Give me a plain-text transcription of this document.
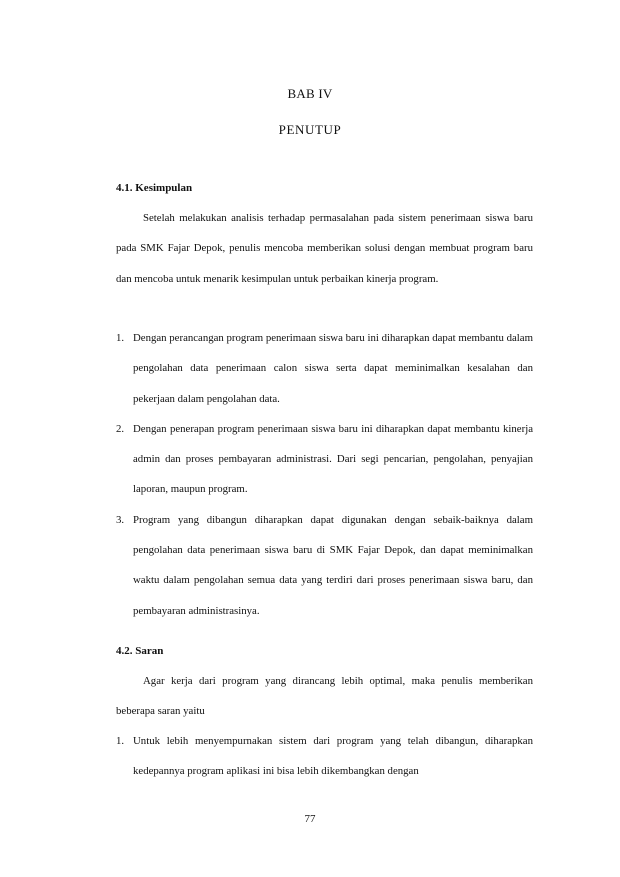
BAB IV
PENUTUP
4.1. Kesimpulan

Setelah melakukan analisis terhadap permasalahan pada sistem penerimaan siswa baru pada SMK Fajar Depok, penulis mencoba memberikan solusi dengan membuat program baru dan mencoba untuk menarik kesimpulan untuk perbaikan kinerja program.

1. Dengan perancangan program penerimaan siswa baru ini diharapkan dapat membantu dalam pengolahan data penerimaan calon siswa serta dapat meminimalkan kesalahan dan pekerjaan dalam pengolahan data.
2. Dengan penerapan program penerimaan siswa baru ini diharapkan dapat membantu kinerja admin dan proses pembayaran administrasi. Dari segi pencarian, pengolahan, penyajian laporan, maupun program.
3. Program yang dibangun diharapkan dapat digunakan dengan sebaik-baiknya dalam pengolahan data penerimaan siswa baru di SMK Fajar Depok, dan dapat meminimalkan waktu dalam pengolahan semua data yang terdiri dari proses penerimaan siswa baru, dan pembayaran administrasinya.
4.2. Saran

Agar kerja dari program yang dirancang lebih optimal, maka penulis memberikan beberapa saran yaitu

1. Untuk lebih menyempurnakan sistem dari program yang telah dibangun, diharapkan kedepannya program aplikasi ini bisa lebih dikembangkan dengan
77
